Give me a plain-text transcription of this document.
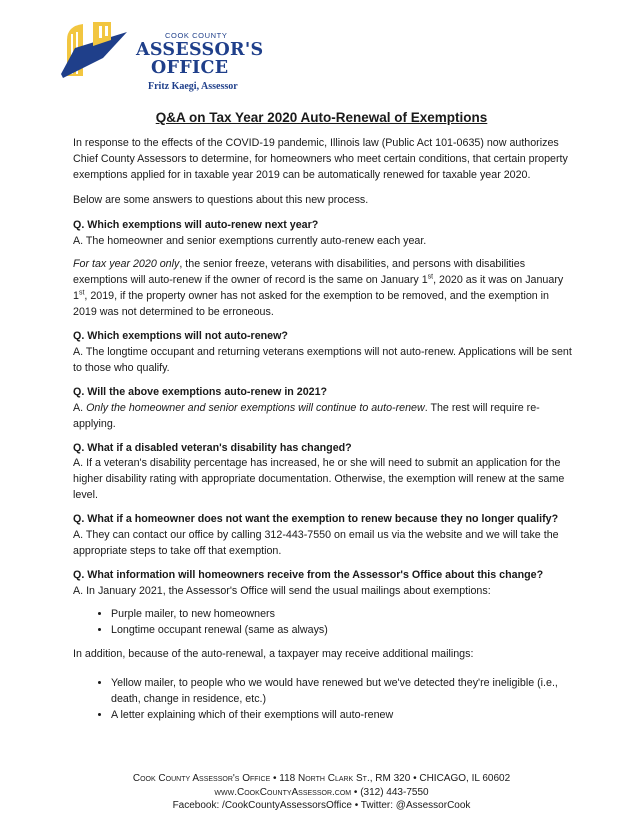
COOK COUNTY
ASSESSOR'S
OFFICE
Fritz Kaegi, Assessor
Q&A on Tax Year 2020 Auto-Renewal of Exemptions

In response to the effects of the COVID-19 pandemic, Illinois law (Public Act 101-0635) now authorizes Chief County Assessors to determine, for homeowners who meet certain conditions, that certain property exemptions applied for in taxable year 2019 can be automatically renewed for taxable year 2020.

Below are some answers to questions about this new process.

Q. Which exemptions will auto-renew next year?

A. The homeowner and senior exemptions currently auto-renew each year.

For tax year 2020 only, the senior freeze, veterans with disabilities, and persons with disabilities exemptions will auto-renew if the owner of record is the same on January 1st, 2020 as it was on January 1st, 2019, if the property owner has not asked for the exemption to be removed, and the exemption in 2019 was not determined to be erroneous.

Q. Which exemptions will not auto-renew?

A. The longtime occupant and returning veterans exemptions will not auto-renew. Applications will be sent to those who qualify.

Q. Will the above exemptions auto-renew in 2021?

A. Only the homeowner and senior exemptions will continue to auto-renew. The rest will require re-applying.

Q. What if a disabled veteran's disability has changed?

A. If a veteran's disability percentage has increased, he or she will need to submit an application for the higher disability rating with appropriate documentation. Otherwise, the exemption will renew at the same level.

Q. What if a homeowner does not want the exemption to renew because they no longer qualify?

A. They can contact our office by calling 312-443-7550 on email us via the website and we will take the appropriate steps to take off that exemption.

Q. What information will homeowners receive from the Assessor's Office about this change?

A. In January 2021, the Assessor's Office will send the usual mailings about exemptions:

• Purple mailer, to new homeowners
• Longtime occupant renewal (same as always)

In addition, because of the auto-renewal, a taxpayer may receive additional mailings:

• Yellow mailer, to people who we would have renewed but we've detected they're ineligible (i.e., death, change in residence, etc.)
• A letter explaining which of their exemptions will auto-renew
Cook County Assessor's Office • 118 North Clark St., RM 320 • CHICAGO, IL 60602
www.CookCountyAssessor.com • (312) 443-7550
Facebook: /CookCountyAssessorsOffice • Twitter: @AssessorCook
